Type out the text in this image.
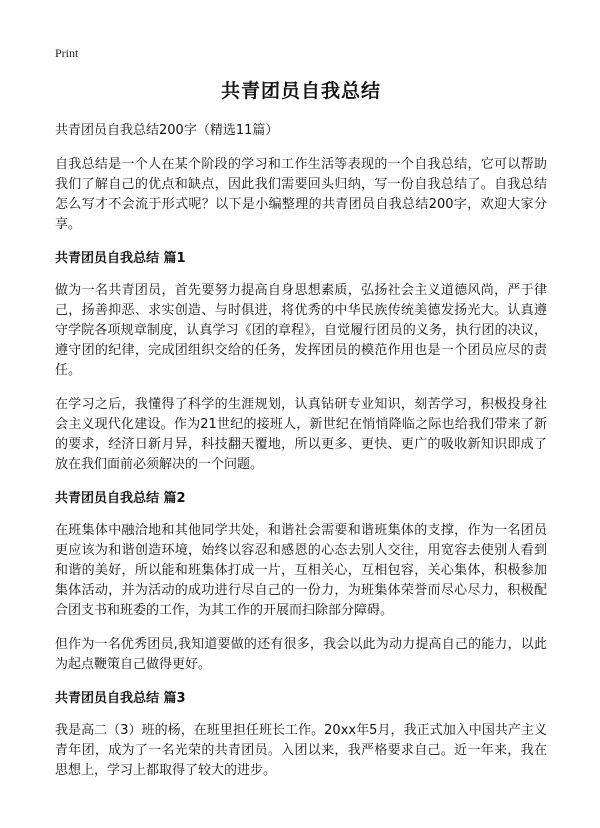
Print
共青团员自我总结
共青团员自我总结200字（精选11篇）
自我总结是一个人在某个阶段的学习和工作生活等表现的一个自我总结，它可以帮助我们了解自己的优点和缺点，因此我们需要回头归纳，写一份自我总结了。自我总结怎么写才不会流于形式呢？以下是小编整理的共青团员自我总结200字，欢迎大家分享。
共青团员自我总结 篇1
做为一名共青团员，首先要努力提高自身思想素质，弘扬社会主义道德风尚，严于律己，扬善抑恶、求实创造、与时俱进，将优秀的中华民族传统美德发扬光大。认真遵守学院各项规章制度，认真学习《团的章程》，自觉履行团员的义务，执行团的决议，遵守团的纪律，完成团组织交给的任务，发挥团员的模范作用也是一个团员应尽的责任。
在学习之后，我懂得了科学的生涯规划，认真钻研专业知识，刻苦学习，积极投身社会主义现代化建设。作为21世纪的接班人，新世纪在悄悄降临之际也给我们带来了新的要求，经济日新月异，科技翻天覆地，所以更多、更快、更广的吸收新知识即成了放在我们面前必须解决的一个问题。
共青团员自我总结 篇2
在班集体中融洽地和其他同学共处，和谐社会需要和谐班集体的支撑，作为一名团员更应该为和谐创造环境，始终以容忍和感恩的心态去别人交往，用宽容去使别人看到和谐的美好，所以能和班集体打成一片，互相关心，互相包容，关心集体，积极参加集体活动，并为活动的成功进行尽自己的一份力，为班集体荣誉而尽心尽力，积极配合团支书和班委的工作，为其工作的开展而扫除部分障碍。
但作为一名优秀团员,我知道要做的还有很多，我会以此为动力提高自己的能力，以此为起点鞭策自己做得更好。
共青团员自我总结 篇3
我是高二（3）班的杨，在班里担任班长工作。20xx年5月，我正式加入中国共产主义青年团，成为了一名光荣的共青团员。入团以来，我严格要求自己。近一年来，我在思想上，学习上都取得了较大的进步。
